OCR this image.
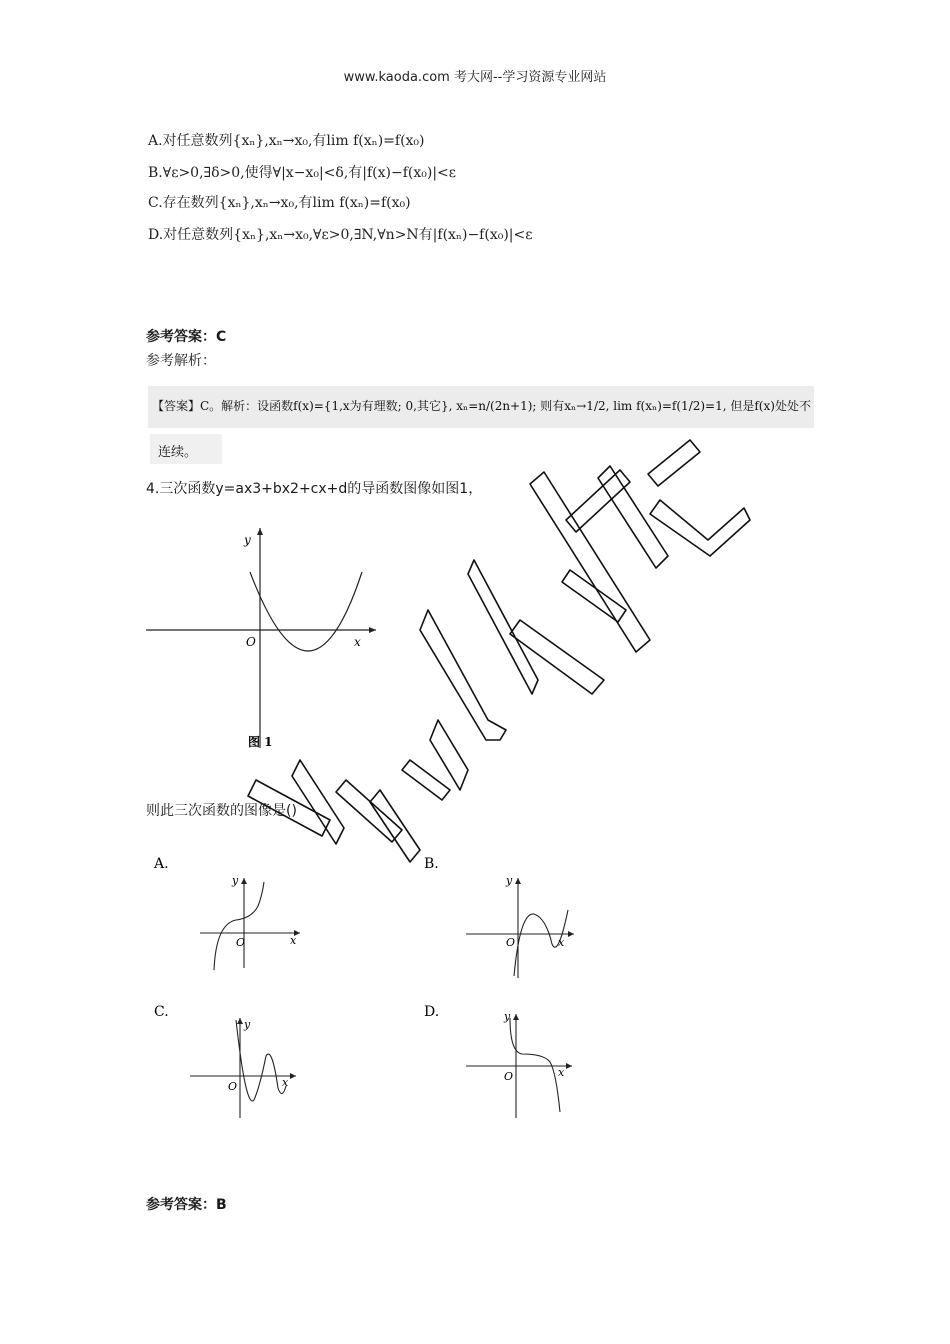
www.kaoda.com 考大网--学习资源专业网站
A.对任意数列{xₙ},xₙ→x₀,有lim f(xₙ)=f(x₀)
B.∀ε>0,∃δ>0,使得∀|x−x₀|<δ,有|f(x)−f(x₀)|<ε
C.存在数列{xₙ},xₙ→x₀,有lim f(xₙ)=f(x₀)
D.对任意数列{xₙ},xₙ→x₀,∀ε>0,∃N,∀n>N有|f(xₙ)−f(x₀)|<ε
参考答案：C
参考解析：
【答案】C。解析：设函数f(x)={1,x为有理数; 0,其它}, xₙ=n/(2n+1); 则有xₙ→1/2, lim f(xₙ)=f(1/2)=1, 但是f(x)处处不
连续。
4.三次函数y=ax3+bx2+cx+d的导函数图像如图1，
y
x
O
图 1
则此三次函数的图像是()
A.
y
x
O
B.
y
x
O
C.
y
x
O
D.	y
x
O
参考答案：B
